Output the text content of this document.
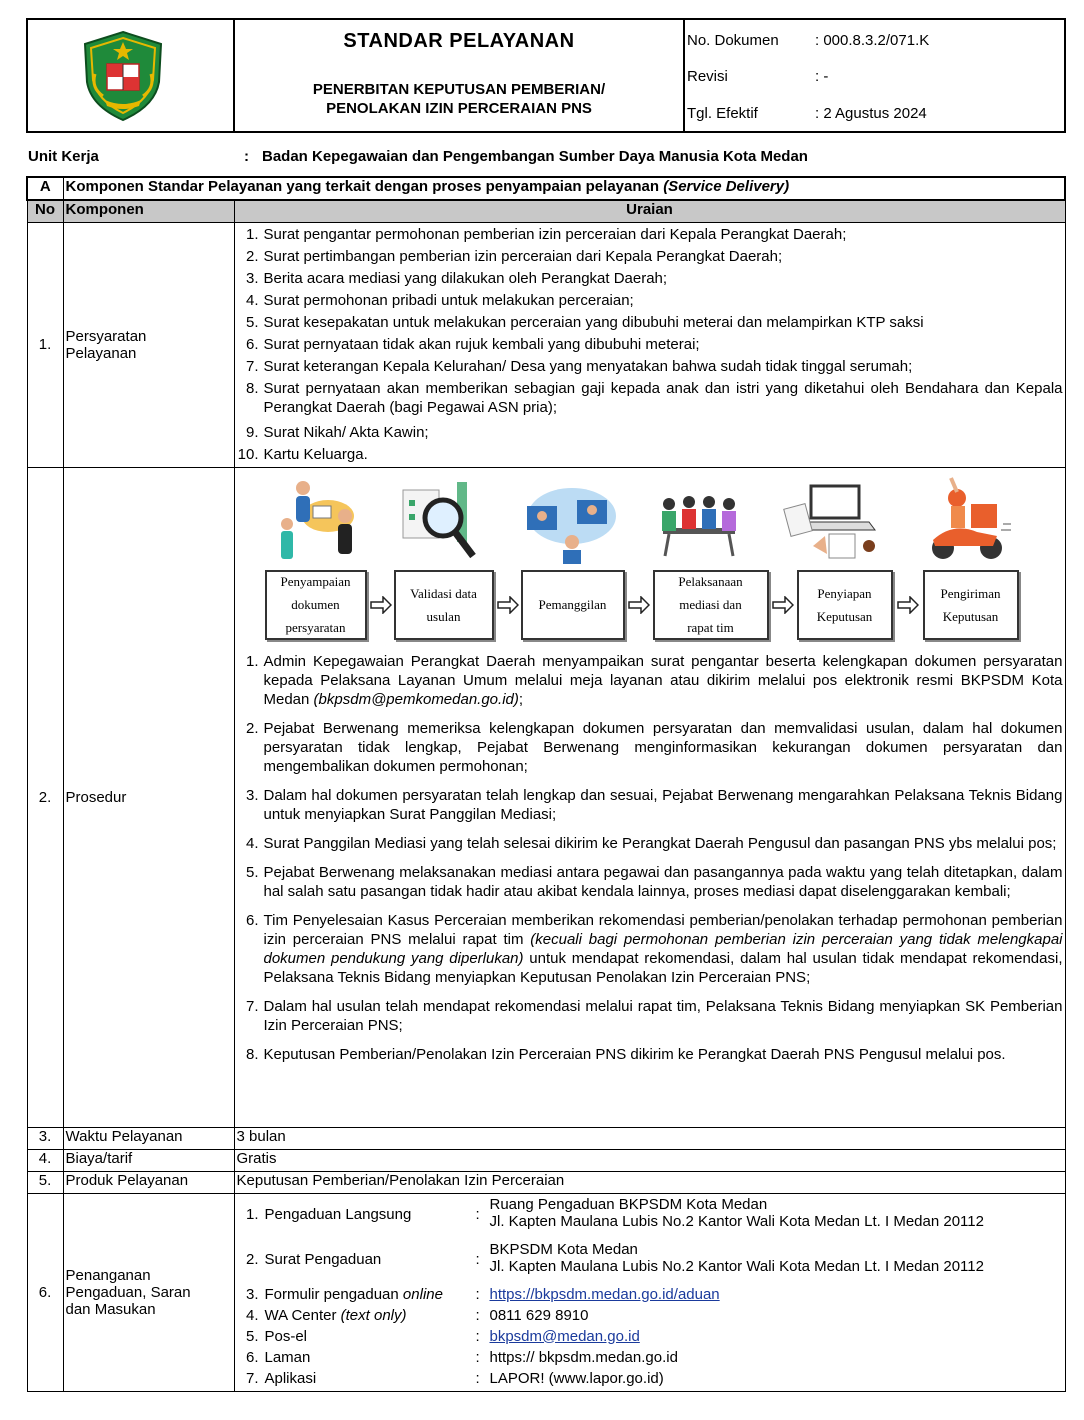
STANDAR PELAYANAN
PENERBITAN KEPUTUSAN PEMBERIAN/
PENOLAKAN IZIN PERCERAIAN PNS
No. Dokumen : 000.8.3.2/071.K
Revisi	: -
Tgl. Efektif	: 2 Agustus 2024
Unit Kerja	: Badan Kepegawaian dan Pengembangan Sumber Daya Manusia Kota Medan
A	Komponen Standar Pelayanan yang terkait dengan proses penyampaian pelayanan (Service Delivery)
No	Komponen	Uraian
1.	Persyaratan
Pelayanan

1. Surat pengantar permohonan pemberian izin perceraian dari Kepala Perangkat Daerah;
2. Surat pertimbangan pemberian izin perceraian dari Kepala Perangkat Daerah;
3. Berita acara mediasi yang dilakukan oleh Perangkat Daerah;
4. Surat permohonan pribadi untuk melakukan perceraian;
5. Surat kesepakatan untuk melakukan perceraian yang dibubuhi meterai dan melampirkan KTP saksi
6. Surat pernyataan tidak akan rujuk kembali yang dibubuhi meterai;
7. Surat keterangan Kepala Kelurahan/ Desa yang menyatakan bahwa sudah tidak tinggal serumah;
8. Surat pernyataan akan memberikan sebagian gaji kepada anak dan istri yang diketahui oleh Bendahara dan Kepala Perangkat Daerah (bagi Pegawai ASN pria);
9. Surat Nikah/ Akta Kawin;
10. Kartu Keluarga.

2.	Prosedur	
Penyampaian
dokumen
persyaratan
Validasi data
usulan
Pemanggilan
Pelaksanaan
mediasi dan
rapat tim
Penyiapan
Keputusan
Pengiriman
Keputusan
1. Admin Kepegawaian Perangkat Daerah menyampaikan surat pengantar beserta kelengkapan dokumen persyaratan kepada Pelaksana Layanan Umum melalui meja layanan atau dikirim melalui pos elektronik resmi BKPSDM Kota Medan (bkpsdm@pemkomedan.go.id);
2. Pejabat Berwenang memeriksa kelengkapan dokumen persyaratan dan memvalidasi usulan, dalam hal dokumen persyaratan tidak lengkap, Pejabat Berwenang menginformasikan kekurangan dokumen persyaratan dan mengembalikan dokumen permohonan;
3. Dalam hal dokumen persyaratan telah lengkap dan sesuai, Pejabat Berwenang mengarahkan Pelaksana Teknis Bidang untuk menyiapkan Surat Panggilan Mediasi;
4. Surat Panggilan Mediasi yang telah selesai dikirim ke Perangkat Daerah Pengusul dan pasangan PNS ybs melalui pos;
5. Pejabat Berwenang melaksanakan mediasi antara pegawai dan pasangannya pada waktu yang telah ditetapkan, dalam hal salah satu pasangan tidak hadir atau akibat kendala lainnya, proses mediasi dapat diselenggarakan kembali;
6. Tim Penyelesaian Kasus Perceraian memberikan rekomendasi pemberian/penolakan terhadap permohonan pemberian izin perceraian PNS melalui rapat tim (kecuali bagi permohonan pemberian izin perceraian yang tidak melengkapai dokumen pendukung yang diperlukan) untuk mendapat rekomendasi, dalam hal usulan tidak mendapat rekomendasi, Pelaksana Teknis Bidang menyiapkan Keputusan Penolakan Izin Perceraian PNS;
7. Dalam hal usulan telah mendapat rekomendasi melalui rapat tim, Pelaksana Teknis Bidang menyiapkan SK Pemberian Izin Perceraian PNS;
8. Keputusan Pemberian/Penolakan Izin Perceraian PNS dikirim ke Perangkat Daerah PNS Pengusul melalui pos.

3.	Waktu Pelayanan	3 bulan
4.	Biaya/tarif	Gratis
5.	Produk Pelayanan	Keputusan Pemberian/Penolakan Izin Perceraian
6.	
Penanganan
Pengaduan, Saran
dan Masukan

1.	Pengaduan Langsung	:	
Ruang Pengaduan BKPSDM Kota Medan
Jl. Kapten Maulana Lubis No.2 Kantor Wali Kota Medan Lt. I Medan 20112

2.	Surat Pengaduan	:	
BKPSDM Kota Medan
Jl. Kapten Maulana Lubis No.2 Kantor Wali Kota Medan Lt. I Medan 20112

3.	Formulir pengaduan online	:	https://bkpsdm.medan.go.id/aduan
4.	WA Center (text only)	:	0811 629 8910

5.	Pos-el	:	bkpsdm@medan.go.id
6.	Laman	:	https:// bkpsdm.medan.go.id

7.	Aplikasi	:	LAPOR! (www.lapor.go.id)
